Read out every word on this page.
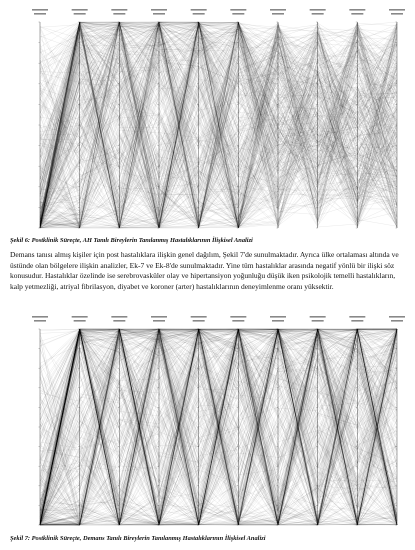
Şekil 6: Postklinik Süreçte, AH Tanılı Bireylerin Tanılanmış Hastalıklarının İlişkisel Analizi
Demans tanısı almış kişiler için post hastalıklara ilişkin genel dağılım, Şekil 7'de sunulmaktadır. Ayrıca ülke ortalaması altında ve üstünde olan bölgelere ilişkin analizler, Ek-7 ve Ek-8'de sunulmaktadır. Yine tüm hastalıklar arasında negatif yönlü bir ilişki söz konusudur. Hastalıklar özelinde ise serebrovasküler olay ve hipertansiyon yoğunluğu düşük iken psikolojik temelli hastalıkların, kalp yetmezliği, atriyal fibrilasyon, diyabet ve koroner (arter) hastalıklarının deneyimlenme oranı yüksektir.
Şekil 7: Postklinik Süreçte, Demans Tanılı Bireylerin Tanılanmış Hastalıklarının İlişkisel Analizi
